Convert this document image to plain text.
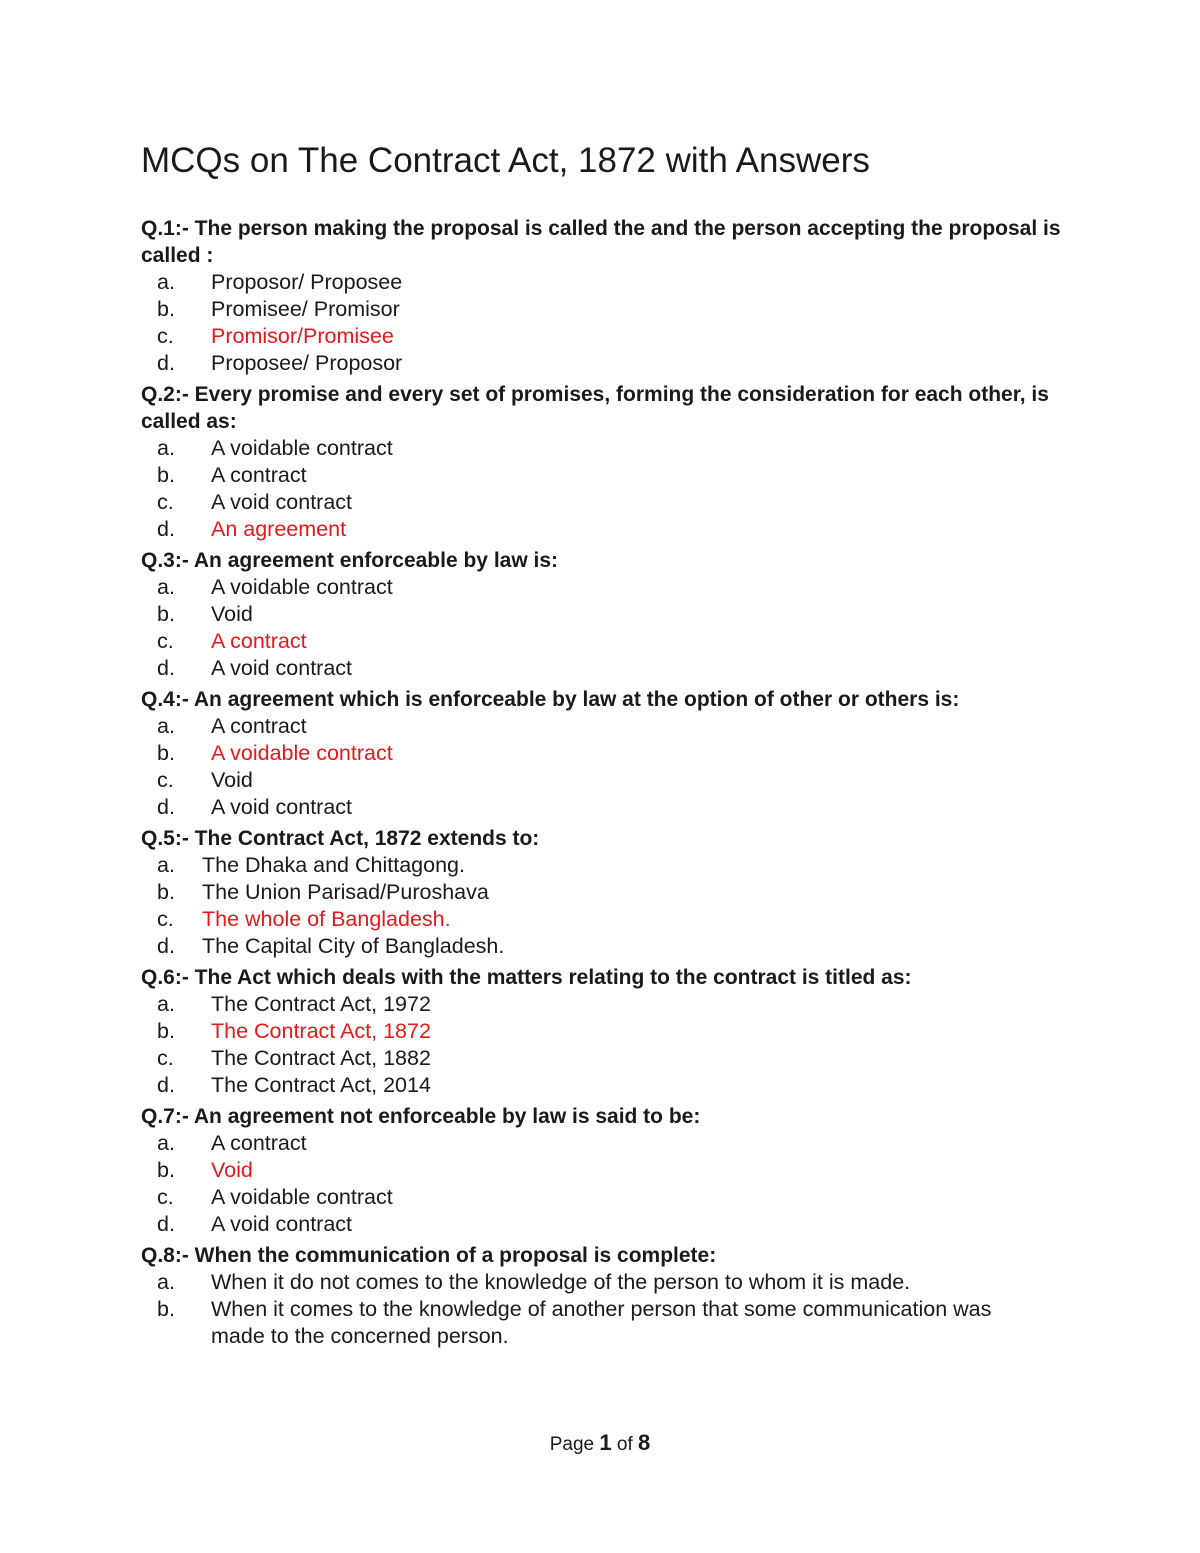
MCQs on The Contract Act, 1872 with Answers

Q.1:- The person making the proposal is called the and the person accepting the proposal is called :

a. Proposor/ Proposee
b. Promisee/ Promisor
c. Promisor/Promisee
d. Proposee/ Proposor

Q.2:- Every promise and every set of promises, forming the consideration for each other, is called as:

a. A voidable contract
b. A contract
c. A void contract
d. An agreement

Q.3:- An agreement enforceable by law is:

a. A voidable contract
b. Void
c. A contract
d. A void contract

Q.4:- An agreement which is enforceable by law at the option of other or others is:

a. A contract
b. A voidable contract
c. Void
d. A void contract

Q.5:- The Contract Act, 1872 extends to:

a. The Dhaka and Chittagong.
b. The Union Parisad/Puroshava
c. The whole of Bangladesh.
d. The Capital City of Bangladesh.

Q.6:- The Act which deals with the matters relating to the contract is titled as:

a. The Contract Act, 1972
b. The Contract Act, 1872
c. The Contract Act, 1882
d. The Contract Act, 2014

Q.7:- An agreement not enforceable by law is said to be:

a. A contract
b. Void
c. A voidable contract
d. A void contract

Q.8:- When the communication of a proposal is complete:

a. When it do not comes to the knowledge of the person to whom it is made.
b. When it comes to the knowledge of another person that some communication was made to the concerned person.
Page 1 of 8
